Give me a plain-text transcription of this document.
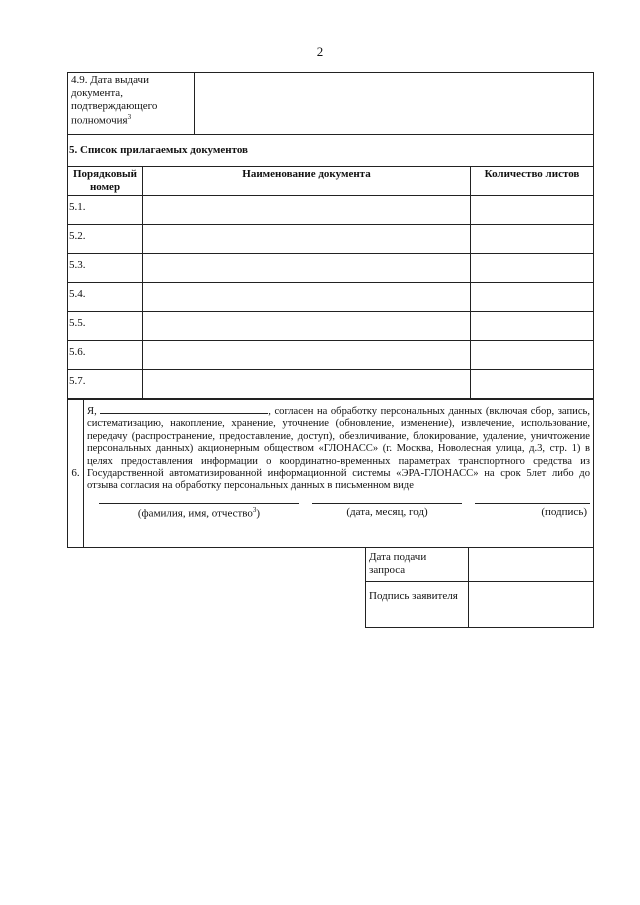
2
4.9. Дата выдачи документа, подтверждающего полномочия$^3$	
5. Список прилагаемых документов		
Порядковый номер	Наименование документа	Количество листов
5.1.		
5.2.		
5.3.		
5.4.		
5.5.		
5.6.		
5.7.		
6.	
Я,	, согласен на обработку персональных данных (включая сбор, запись, систематизацию, накопление, хранение, уточнение (обновление, изменение), извлечение, использование, передачу (распространение, предоставление, доступ), обезличивание, блокирование, удаление, уничтожение персональных данных) акционерным обществом «ГЛОНАСС» (г. Москва, Новолесная улица, д.3, стр. 1) в целях предоставления информации о координатно-временных параметрах транспортного средства из Государственной автоматизированной информационной системы «ЭРА-ГЛОНАСС» на срок 5лет либо до отзыва согласия на обработку персональных данных в письменном виде
(фамилия, имя, отчество$^3$)	(дата, месяц, год)	(подпись)
Дата подачи запроса	
Подпись заявителя	
